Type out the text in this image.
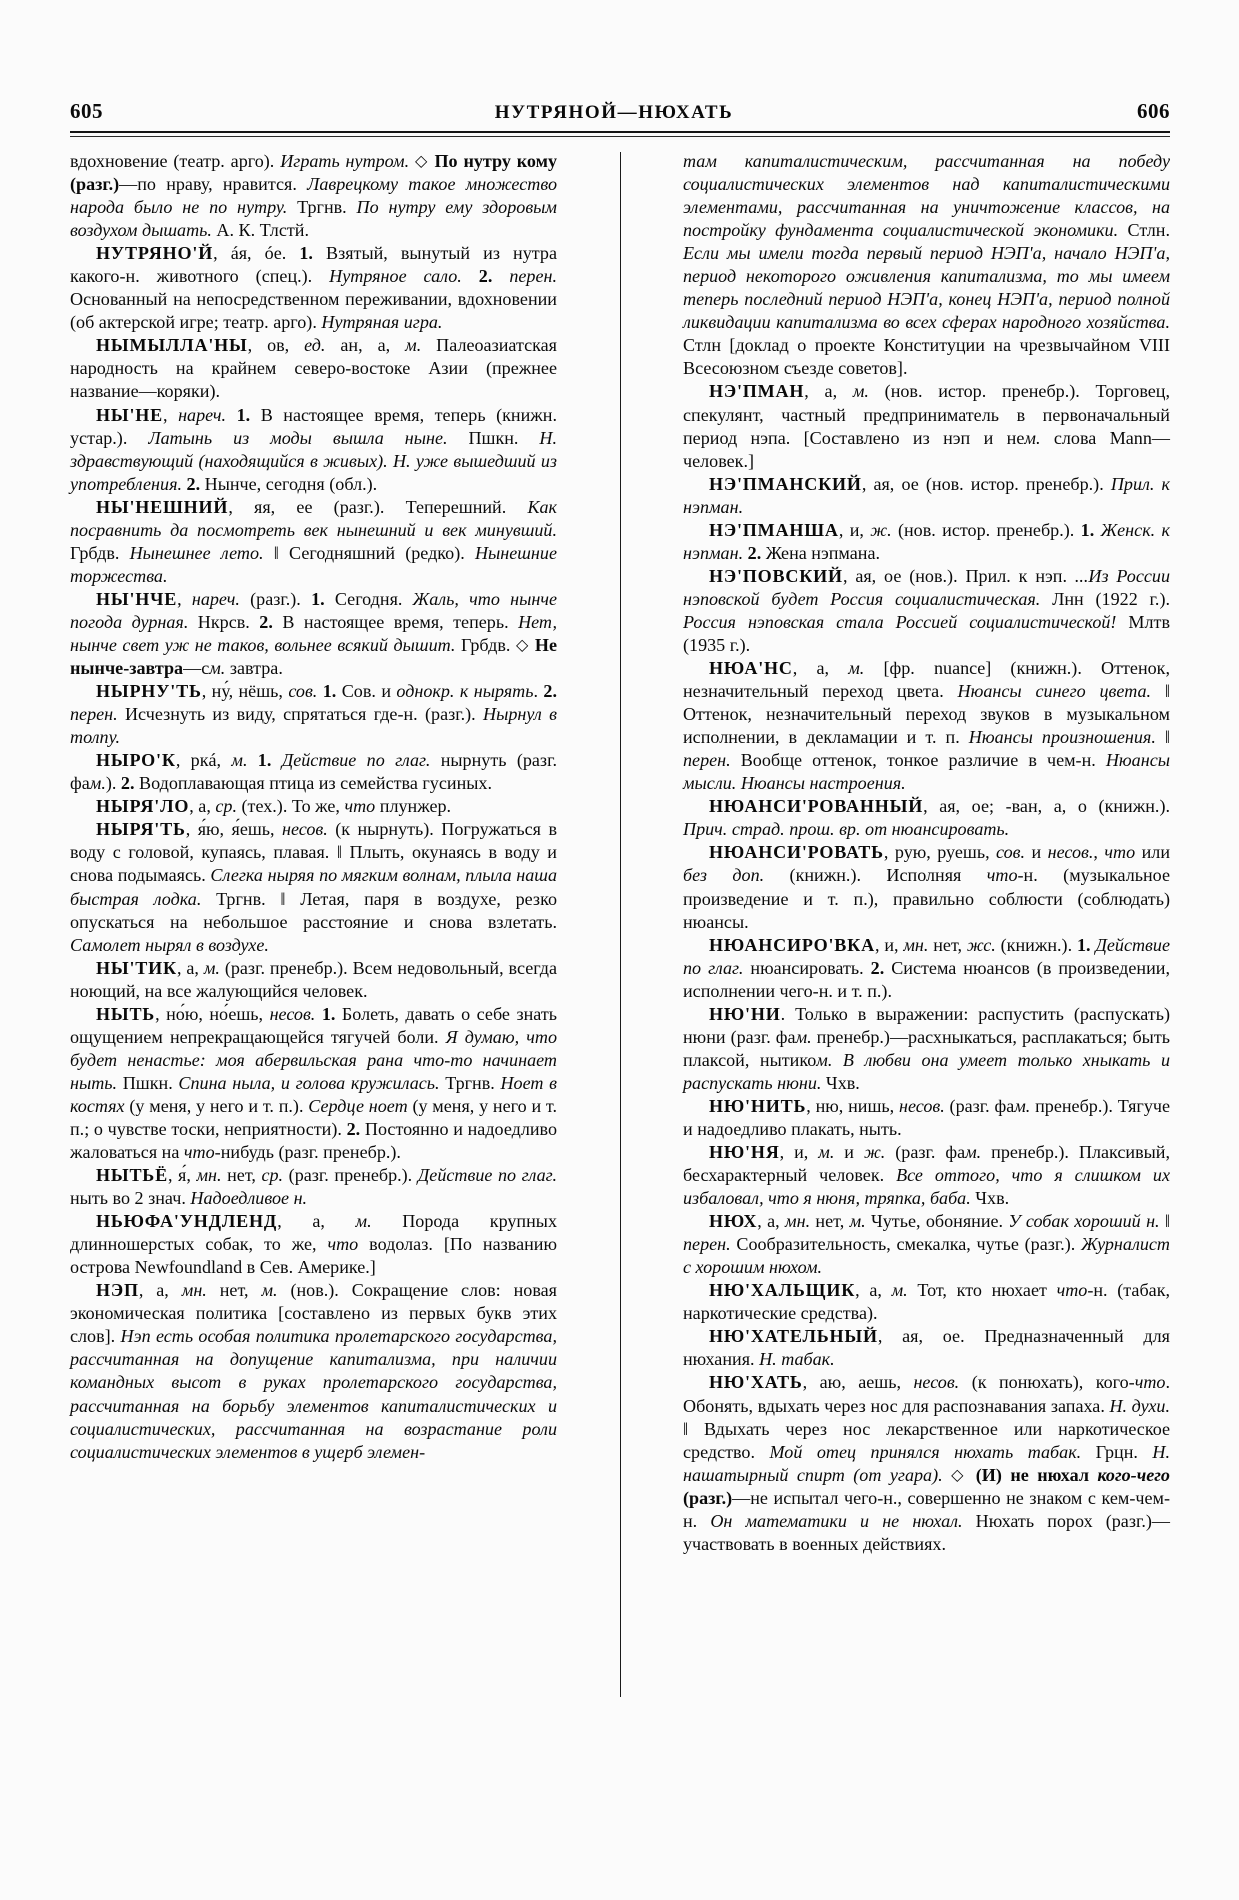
605	НУТРЯНОЙ—НЮХАТЬ	606

вдохновение (театр. арго). Играть нутром. ◇ По нутру кому (разг.)—по нраву, нравится. Лаврецкому такое множество народа было не по нутру. Тргнв. По нутру ему здоровым воздухом дышать. А. К. Тлстй.

НУТРЯНО'Й, áя, óе. 1. Взятый, вынутый из нутра какого-н. животного (спец.). Нутряное сало. 2. перен. Основанный на непосредственном переживании, вдохновении (об актерской игре; театр. арго). Нутряная игра.

НЫМЫЛЛА'НЫ, ов, ед. ан, а, м. Палеоазиатская народность на крайнем северо-востоке Азии (прежнее название—коряки).

НЫ'НЕ, нареч. 1. В настоящее время, теперь (книжн. устар.). Латынь из моды вышла ныне. Пшкн. Н. здравствующий (находящийся в живых). Н. уже вышедший из употребления. 2. Нынче, сегодня (обл.).

НЫ'НЕШНИЙ, яя, ее (разг.). Теперешний. Как посравнить да посмотреть век нынешний и век минувший. Грбдв. Нынешнее лето. ‖ Сегодняшний (редко). Нынешние торжества.

НЫ'НЧЕ, нареч. (разг.). 1. Сегодня. Жаль, что нынче погода дурная. Нкрсв. 2. В настоящее время, теперь. Нет, нынче свет уж не таков, вольнее всякий дышит. Грбдв. ◇ Не нынче-завтра—см. завтра.

НЫРНУ'ТЬ, ну́, нёшь, сов. 1. Сов. и однокр. к нырять. 2. перен. Исчезнуть из виду, спрятаться где-н. (разг.). Нырнул в толпу.

НЫРО'К, ркá, м. 1. Действие по глаг. нырнуть (разг. фам.). 2. Водоплавающая птица из семейства гусиных.

НЫРЯ'ЛО, а, ср. (тех.). То же, что плунжер.

НЫРЯ'ТЬ, я́ю, я́ешь, несов. (к нырнуть). Погружаться в воду с головой, купаясь, плавая. ‖ Плыть, окунаясь в воду и снова подымаясь. Слегка ныряя по мягким волнам, плыла наша быстрая лодка. Тргнв. ‖ Летая, паря в воздухе, резко опускаться на небольшое расстояние и снова взлетать. Самолет нырял в воздухе.

НЫ'ТИК, а, м. (разг. пренебр.). Всем недовольный, всегда ноющий, на все жалующийся человек.

НЫТЬ, но́ю, но́ешь, несов. 1. Болеть, давать о себе знать ощущением непрекращающейся тягучей боли. Я думаю, что будет ненастье: моя абервильская рана что-то начинает ныть. Пшкн. Спина ныла, и голова кружилась. Тргнв. Ноет в костях (у меня, у него и т. п.). Сердце ноет (у меня, у него и т. п.; о чувстве тоски, неприятности). 2. Постоянно и надоедливо жаловаться на что-нибудь (разг. пренебр.).

НЫТЬЁ, я́, мн. нет, ср. (разг. пренебр.). Действие по глаг. ныть во 2 знач. Надоедливое н.

НЬЮФА'УНДЛЕНД, а, м. Порода крупных длинношерстых собак, то же, что водолаз. [По названию острова Newfoundland в Сев. Америке.]

НЭП, а, мн. нет, м. (нов.). Сокращение слов: новая экономическая политика [составлено из первых букв этих слов]. Нэп есть особая политика пролетарского государства, рассчитанная на допущение капитализма, при наличии командных высот в руках пролетарского государства, рассчитанная на борьбу элементов капиталистических и социалистических, рассчитанная на возрастание роли социалистических элементов в ущерб элемен-

там капиталистическим, рассчитанная на победу социалистических элементов над капиталистическими элементами, рассчитанная на уничтожение классов, на постройку фундамента социалистической экономики. Стлн. Если мы имели тогда первый период НЭП'а, начало НЭП'а, период некоторого оживления капитализма, то мы имеем теперь последний период НЭП'а, конец НЭП'а, период полной ликвидации капитализма во всех сферах народного хозяйства. Стлн [доклад о проекте Конституции на чрезвычайном VIII Всесоюзном съезде советов].

НЭ'ПМАН, а, м. (нов. истор. пренебр.). Торговец, спекулянт, частный предприниматель в первоначальный период нэпа. [Составлено из нэп и нем. слова Mann—человек.]

НЭ'ПМАНСКИЙ, ая, ое (нов. истор. пренебр.). Прил. к нэпман.

НЭ'ПМАНША, и, ж. (нов. истор. пренебр.). 1. Женск. к нэпман. 2. Жена нэпмана.

НЭ'ПОВСКИЙ, ая, ое (нов.). Прил. к нэп. ...Из России нэповской будет Россия социалистическая. Лнн (1922 г.). Россия нэповская стала Россией социалистической! Млтв (1935 г.).

НЮА'НС, а, м. [фр. nuance] (книжн.). Оттенок, незначительный переход цвета. Нюансы синего цвета. ‖ Оттенок, незначительный переход звуков в музыкальном исполнении, в декламации и т. п. Нюансы произношения. ‖ перен. Вообще оттенок, тонкое различие в чем-н. Нюансы мысли. Нюансы настроения.

НЮАНСИ'РОВАННЫЙ, ая, ое; -ван, а, о (книжн.). Прич. страд. прош. вр. от нюансировать.

НЮАНСИ'РОВАТЬ, рую, руешь, сов. и несов., что или без доп. (книжн.). Исполняя что-н. (музыкальное произведение и т. п.), правильно соблюсти (соблюдать) нюансы.

НЮАНСИРО'ВКА, и, мн. нет, жс. (книжн.). 1. Действие по глаг. нюансировать. 2. Система нюансов (в произведении, исполнении чего-н. и т. п.).

НЮ'НИ. Только в выражении: распустить (распускать) нюни (разг. фам. пренебр.)—расхныкаться, расплакаться; быть плаксой, нытиком. В любви она умеет только хныкать и распускать нюни. Чхв.

НЮ'НИТЬ, ню, нишь, несов. (разг. фам. пренебр.). Тягуче и надоедливо плакать, ныть.

НЮ'НЯ, и, м. и ж. (разг. фам. пренебр.). Плаксивый, бесхарактерный человек. Все оттого, что я слишком их избаловал, что я нюня, тряпка, баба. Чхв.

НЮХ, а, мн. нет, м. Чутье, обоняние. У собак хороший н. ‖ перен. Сообразительность, смекалка, чутье (разг.). Журналист с хорошим нюхом.

НЮ'ХАЛЬЩИК, а, м. Тот, кто нюхает что-н. (табак, наркотические средства).

НЮ'ХАТЕЛЬНЫЙ, ая, ое. Предназначенный для нюхания. Н. табак.

НЮ'ХАТЬ, аю, аешь, несов. (к понюхать), кого-что. Обонять, вдыхать через нос для распознавания запаха. Н. духи. ‖ Вдыхать через нос лекарственное или наркотическое средство. Мой отец принялся нюхать табак. Грцн. Н. нашатырный спирт (от угара). ◇ (И) не нюхал кого-чего (разг.)—не испытал чего-н., совершенно не знаком с кем-чем-н. Он математики и не нюхал. Нюхать порох (разг.)—участвовать в военных действиях.
